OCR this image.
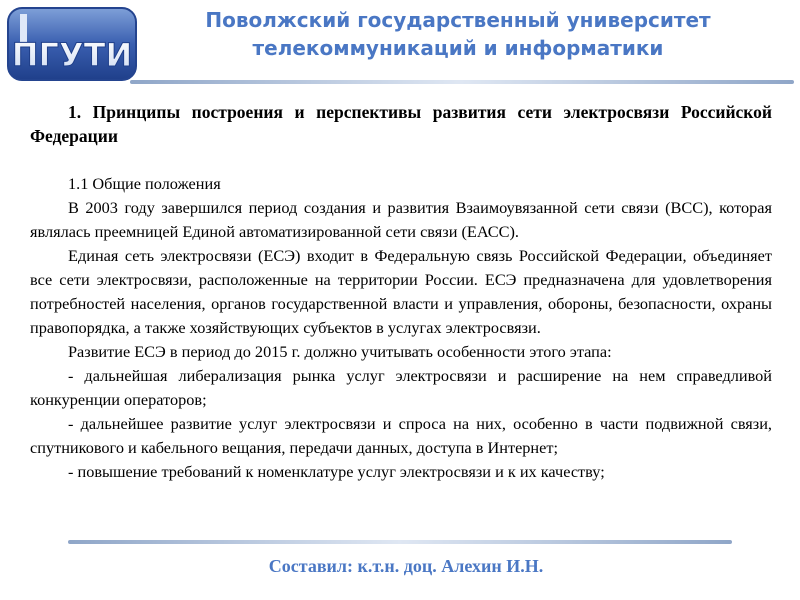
ПГУТИ
Поволжский государственный университет
телекоммуникаций и информатики

1. Принципы построения и перспективы развития сети электросвязи Российской Федерации

1.1 Общие положения

В 2003 году завершился период создания и развития Взаимоувязанной сети связи (ВСС), которая являлась преемницей Единой автоматизированной сети связи (ЕАСС).

Единая сеть электросвязи (ЕСЭ) входит в Федеральную связь Российской Федерации, объединяет все сети электросвязи, расположенные на территории России. ЕСЭ предназначена для удовлетворения потребностей населения, органов государственной власти и управления, обороны, безопасности, охраны правопорядка, а также хозяйствующих субъектов в услугах электросвязи.

Развитие ЕСЭ в период до 2015 г. должно учитывать особенности этого этапа:

- дальнейшая либерализация рынка услуг электросвязи и расширение на нем справедливой конкуренции операторов;

- дальнейшее развитие услуг электросвязи и спроса на них, особенно в части подвижной связи, спутникового и кабельного вещания, передачи данных, доступа в Интернет;

- повышение требований к номенклатуре услуг электросвязи и к их качеству;

Составил: к.т.н. доц. Алехин И.Н.
